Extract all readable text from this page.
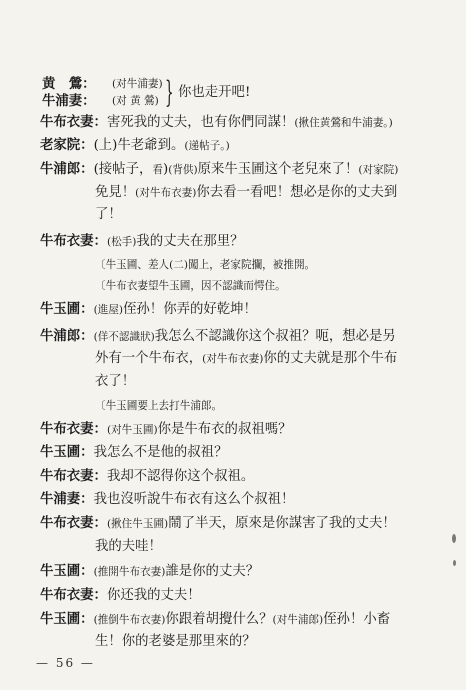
黄　鶯：
牛浦妻：
(对牛浦妻)
(对 黄 鶯) } 你也走开吧!
牛布衣妻：害死我的丈夫，也有你們同謀！(揪住黄鶯和牛浦妻。)
老家院：(上)牛老爺到。(递帖子。)
牛浦郎：(接帖子，看)(背供)原来牛玉圃这个老兒來了！(对家院)
免見！(对牛布衣妻)你去看一看吧！想必是你的丈夫到
了！
牛布衣妻：(松手)我的丈夫在那里？
〔牛玉圃、差人(二)闖上，老家院攔，被推開。
〔牛布衣妻望牛玉圃，因不認識而愕住。
牛玉圃：(進屋)侄孙！你弄的好乾坤！
牛浦郎：(佯不認識狀)我怎么不認識你这个叔祖？呃，想必是另
外有一个牛布衣，(对牛布衣妻)你的丈夫就是那个牛布
衣了！
〔牛玉圃要上去打牛浦郎。
牛布衣妻：(对牛玉圃)你是牛布衣的叔祖嗎？
牛玉圃：我怎么不是他的叔祖？
牛布衣妻：我却不認得你这个叔祖。
牛浦妻：我也沒听說牛布衣有这么个叔祖！
牛布衣妻：(揪住牛玉圃)鬧了半天，原來是你謀害了我的丈夫！
我的夫哇！
牛玉圃：(推開牛布衣妻)誰是你的丈夫？
牛布衣妻：你还我的丈夫！
牛玉圃：(推倒牛布衣妻)你跟着胡攪什么？(对牛浦郎)侄孙！小畜
生！你的老婆是那里來的？
— 56 —
